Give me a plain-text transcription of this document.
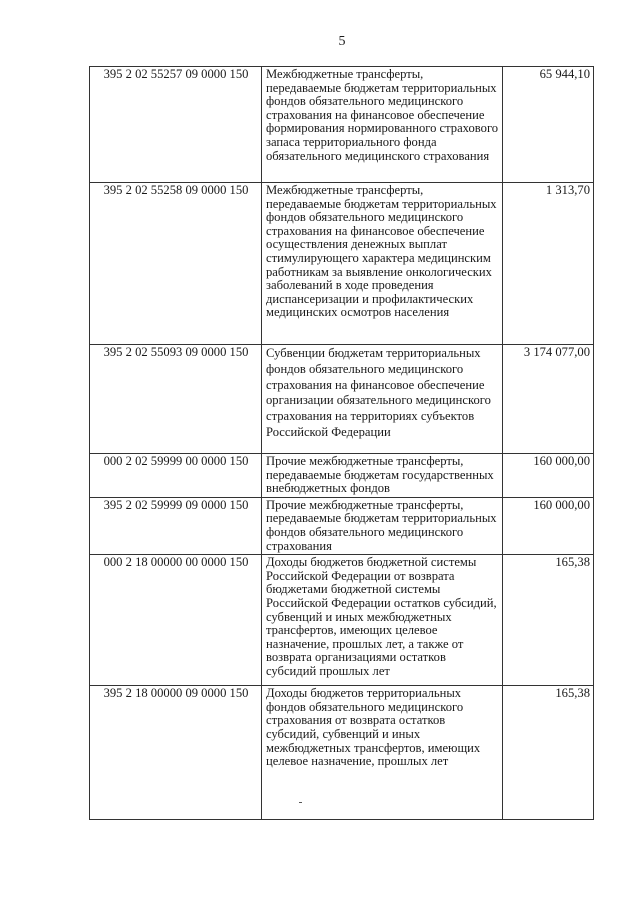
5
395 2 02 55257 09 0000 150	Межбюджетные трансферты, передаваемые бюджетам территориальных фондов обязательного медицинского страхования на финансовое обеспечение формирования нормированного страхового запаса территориального фонда обязательного медицинского страхования	65 944,10
395 2 02 55258 09 0000 150	Межбюджетные трансферты, передаваемые бюджетам территориальных фондов обязательного медицинского страхования на финансовое обеспечение осуществления денежных выплат стимулирующего характера медицинским работникам за выявление онкологических заболеваний в ходе проведения диспансеризации и профилактических медицинских осмотров населения	1 313,70
395 2 02 55093 09 0000 150	Субвенции бюджетам территориальных фондов обязательного медицинского страхования на финансовое обеспечение организации обязательного медицинского страхования на территориях субъектов Российской Федерации	3 174 077,00
000 2 02 59999 00 0000 150	Прочие межбюджетные трансферты, передаваемые бюджетам государственных внебюджетных фондов	160 000,00
395 2 02 59999 09 0000 150	Прочие межбюджетные трансферты, передаваемые бюджетам территориальных фондов обязательного медицинского страхования	160 000,00
000 2 18 00000 00 0000 150	Доходы бюджетов бюджетной системы Российской Федерации от возврата бюджетами бюджетной системы Российской Федерации остатков субсидий, субвенций и иных межбюджетных трансфертов, имеющих целевое назначение, прошлых лет, а также от возврата организациями остатков субсидий прошлых лет	165,38
395 2 18 00000 09 0000 150	Доходы бюджетов территориальных фондов обязательного медицинского страхования от возврата остатков субсидий, субвенций и иных межбюджетных трансфертов, имеющих целевое назначение, прошлых лет	165,38
